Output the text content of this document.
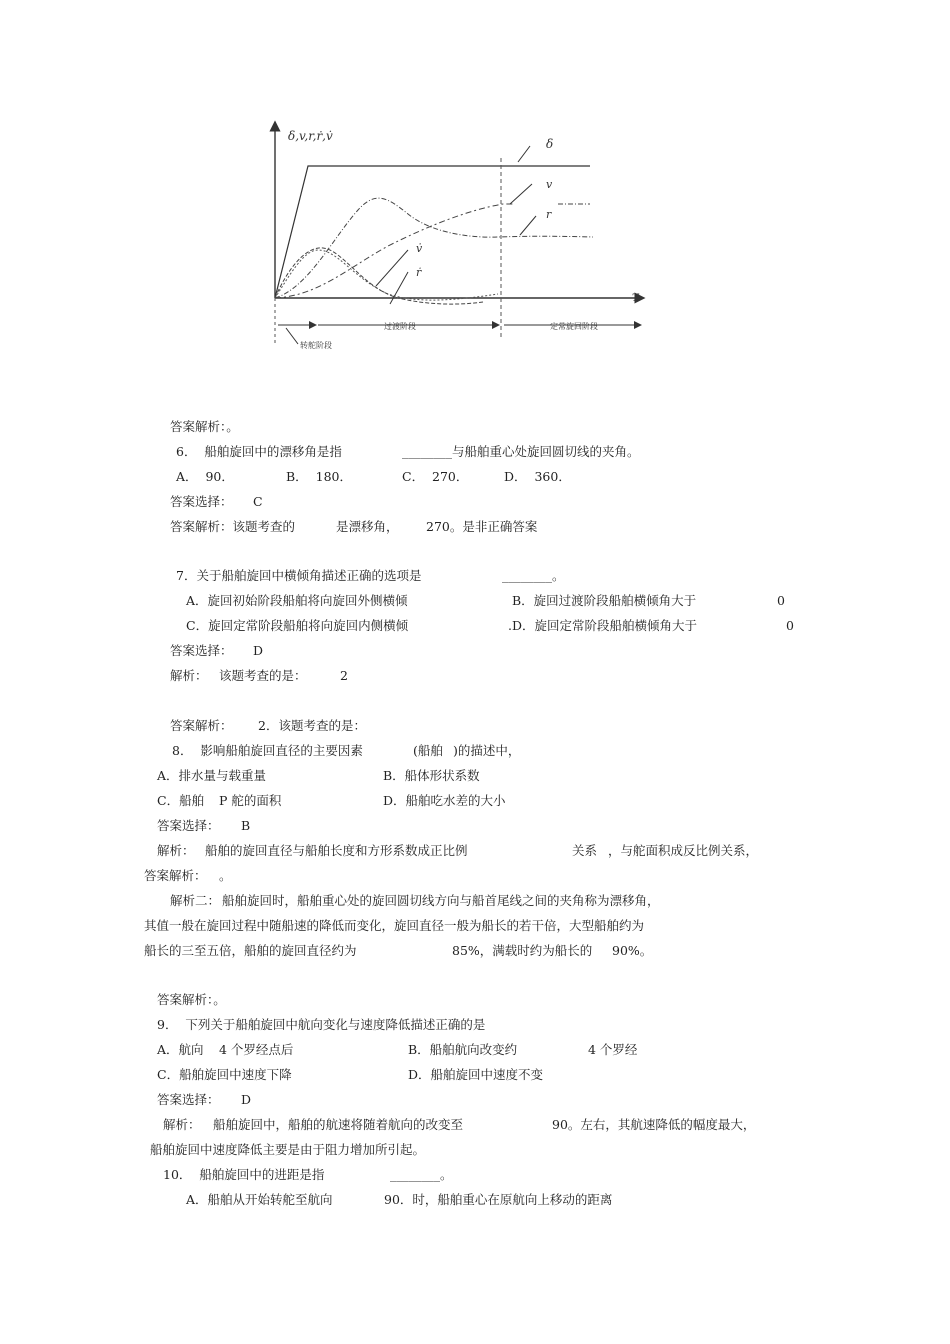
δ,v,r,ṙ,v̇
T
δ
v
r
v̇
ṙ
过渡阶段	定常旋回阶段
转舵阶段
答案解析：。
6．  船舶旋回中的漂移角是指	________ 与船舶重心处旋回圆切线的夹角。
A．  90．	B．  180．	C．  270．	D．  360．
答案选择： C
答案解析：该题考查的	是漂移角， 270。是非正确答案
7．关于船舶旋回中横倾角描述正确的选项是	________。
A．旋回初始阶段船舶将向旋回外侧横倾	B．旋回过渡阶段船舶横倾角大于	0
C．旋回定常阶段船舶将向旋回内侧横倾	.D．旋回定常阶段船舶横倾角大于	0
答案选择： D
解析： 该题考查的是：	2
答案解析： 2．该题考查的是：
8．  影响船舶旋回直径的主要因素	(船舶 )的描述中，
A．排水量与载重量	B．船体形状系数
C．船舶 P 舵的面积	D．船舶吃水差的大小
答案选择： B
解析： 船舶的旋回直径与船舶长度和方形系数成正比例	关系 ，与舵面积成反比例关系，
答案解析： 。
解析二： 船舶旋回时，船舶重心处的旋回圆切线方向与船首尾线之间的夹角称为漂移角，
其值一般在旋回过程中随船速的降低而变化，旋回直径一般为船长的若干倍，大型船舶约为
船长的三至五倍，船舶的旋回直径约为	85%，满载时约为船长的 90%。
答案解析：。
9．  下列关于船舶旋回中航向变化与速度降低描述正确的是
A．航向 4 个罗经点后	B．船舶航向改变约	4 个罗经
C．船舶旋回中速度下降	D．船舶旋回中速度不变
答案选择： D
解析： 船舶旋回中，船舶的航速将随着航向的改变至	90。左右，其航速降低的幅度最大，
船舶旋回中速度降低主要是由于阻力增加所引起。
10．  船舶旋回中的进距是指	________。
A．船舶从开始转舵至航向	90．时，船舶重心在原航向上移动的距离
